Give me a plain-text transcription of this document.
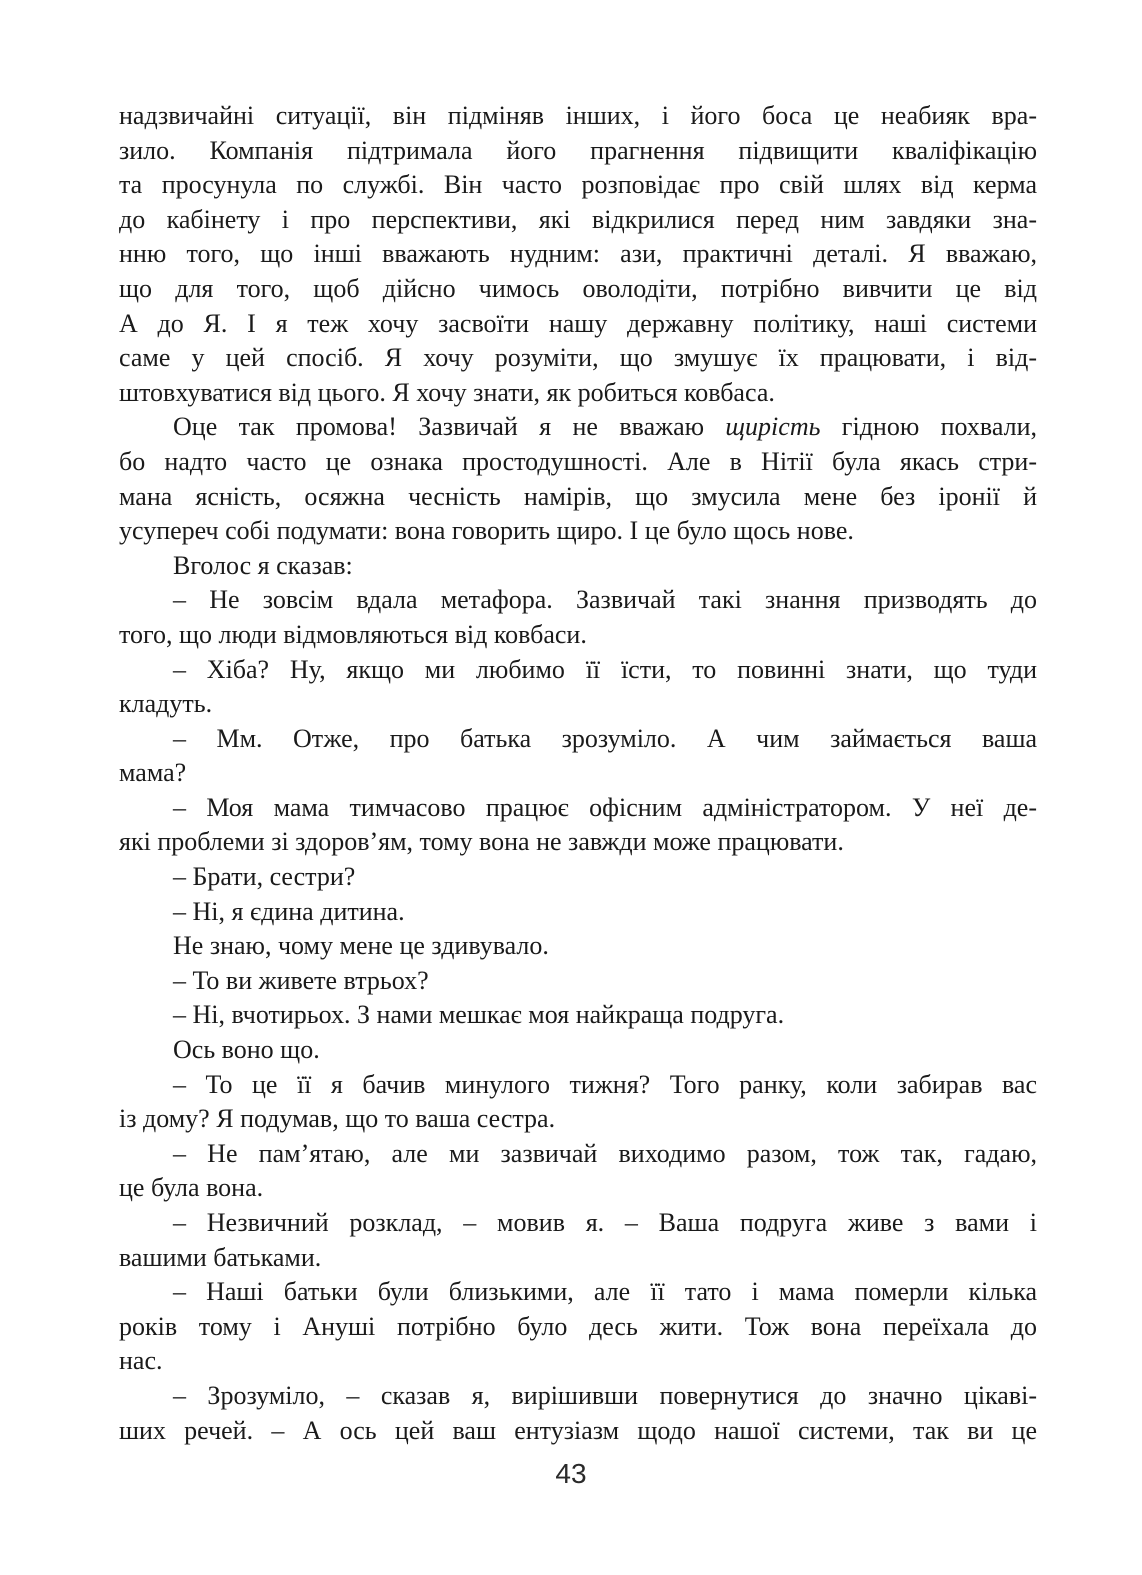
надзвичайні ситуації, він підміняв інших, і його боса це неабияк вра-
зило. Компанія підтримала його прагнення підвищити кваліфікацію
та просунула по службі. Він часто розповідає про свій шлях від керма
до кабінету і про перспективи, які відкрилися перед ним завдяки зна-
нню того, що інші вважають нудним: ази, практичні деталі. Я вважаю,
що для того, щоб дійсно чимось оволодіти, потрібно вивчити це від
А до Я. І я теж хочу засвоїти нашу державну політику, наші системи
саме у цей спосіб. Я хочу розуміти, що змушує їх працювати, і від-
штовхуватися від цього. Я хочу знати, як робиться ковбаса.

Оце так промова! Зазвичай я не вважаю щирість гідною похвали,
бо надто часто це ознака простодушності. Але в Нітії була якась стри-
мана ясність, осяжна чесність намірів, що змусила мене без іронії й
усупереч собі подумати: вона говорить щиро. І це було щось нове.

Вголос я сказав:

– Не зовсім вдала метафора. Зазвичай такі знання призводять до
того, що люди відмовляються від ковбаси.

– Хіба? Ну, якщо ми любимо її їсти, то повинні знати, що туди
кладуть.

– Мм. Отже, про батька зрозуміло. А чим займається ваша
мама?

– Моя мама тимчасово працює офісним адміністратором. У неї де-
які проблеми зі здоров’ям, тому вона не завжди може працювати.

– Брати, сестри?

– Ні, я єдина дитина.

Не знаю, чому мене це здивувало.

– То ви живете втрьох?

– Ні, вчотирьох. З нами мешкає моя найкраща подруга.

Ось воно що.

– То це її я бачив минулого тижня? Того ранку, коли забирав вас
із дому? Я подумав, що то ваша сестра.

– Не пам’ятаю, але ми зазвичай виходимо разом, тож так, гадаю,
це була вона.

– Незвичний розклад, – мовив я. – Ваша подруга живе з вами і
вашими батьками.

– Наші батьки були близькими, але її тато і мама померли кілька
років тому і Ануші потрібно було десь жити. Тож вона переїхала до
нас.

– Зрозуміло, – сказав я, вирішивши повернутися до значно цікаві-
ших речей. – А ось цей ваш ентузіазм щодо нашої системи, так ви це

43
